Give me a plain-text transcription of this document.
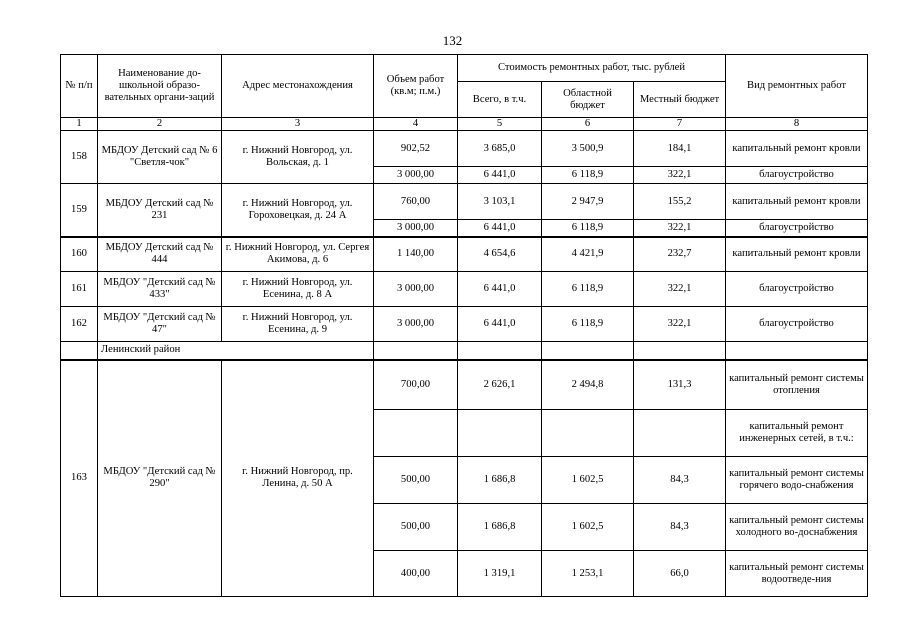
132
№ п/п	Наименование до-школьной образо-вательных органи-заций	Адрес местонахождения	Объем работ (кв.м; п.м.)	Стоимость ремонтных работ, тыс. рублей			Вид ремонтных работ
				Всего, в т.ч.	Областной бюджет	Местный бюджет	
1	2	3	4	5	6	7	8
158	МБДОУ Детский сад № 6 "Светля-чок"	г. Нижний Новгород, ул. Вольская, д. 1	902,52	3 685,0	3 500,9	184,1	капитальный ремонт кровли
			3 000,00	6 441,0	6 118,9	322,1	благоустройство
159	МБДОУ Детский сад № 231	г. Нижний Новгород, ул. Гороховецкая, д. 24 А	760,00	3 103,1	2 947,9	155,2	капитальный ремонт кровли
			3 000,00	6 441,0	6 118,9	322,1	благоустройство
160	МБДОУ Детский сад № 444	г. Нижний Новгород, ул. Сергея Акимова, д. 6	1 140,00	4 654,6	4 421,9	232,7	капитальный ремонт кровли
161	МБДОУ "Детский сад № 433"	г. Нижний Новгород, ул. Есенина, д. 8 А	3 000,00	6 441,0	6 118,9	322,1	благоустройство
162	МБДОУ "Детский сад № 47"	г. Нижний Новгород, ул. Есенина, д. 9	3 000,00	6 441,0	6 118,9	322,1	благоустройство
	Ленинский район						
163	МБДОУ "Детский сад № 290"	г. Нижний Новгород, пр. Ленина, д. 50 А	700,00	2 626,1	2 494,8	131,3	капитальный ремонт системы отопления
							капитальный ремонт инженерных сетей, в т.ч.:
			500,00	1 686,8	1 602,5	84,3	капитальный ремонт системы горячего водо-снабжения
			500,00	1 686,8	1 602,5	84,3	капитальный ремонт системы холодного во-доснабжения
			400,00	1 319,1	1 253,1	66,0	капитальный ремонт системы водоотведе-ния
